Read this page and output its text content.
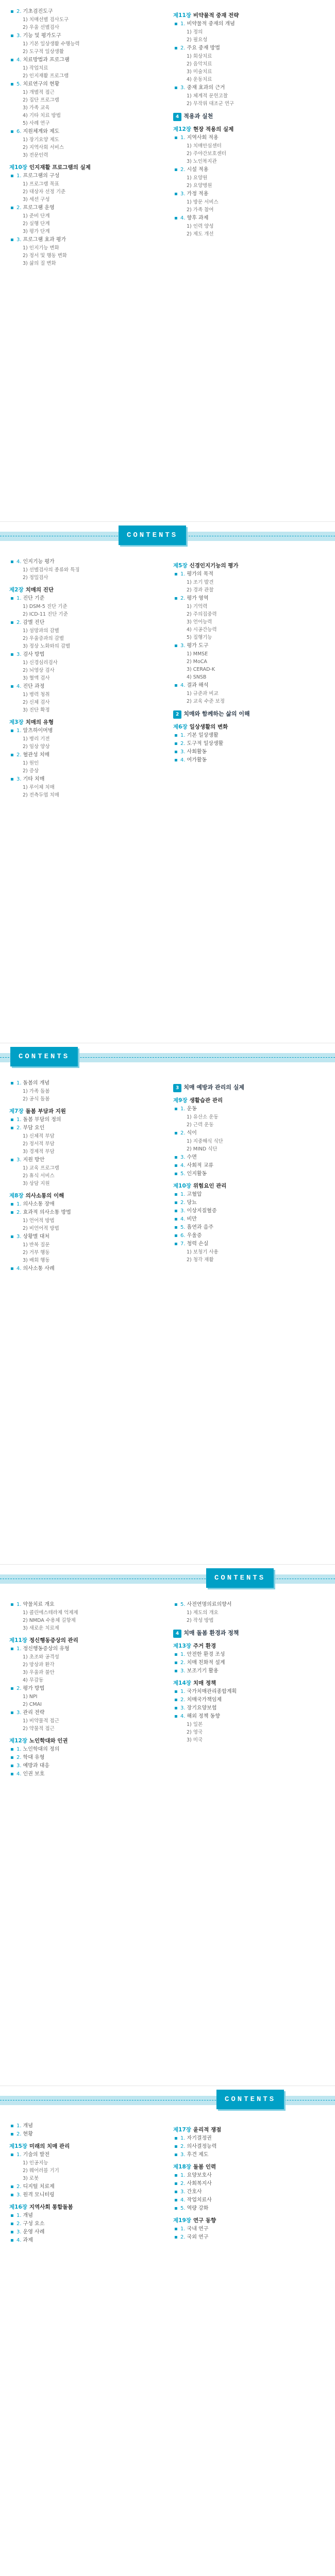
▪ 2. 기초검진도구
1) 치매선별 검사도구
2) 우울 선별검사
▪ 3. 기능 및 평가도구
1) 기본 일상생활 수행능력
2) 도구적 일상생활
▪ 4. 치료방법과 프로그램
1) 작업치료
2) 인지재활 프로그램
▪ 5. 치료연구의 현황
1) 개별적 접근
2) 집단 프로그램
3) 가족 교육
4) 기타 치료 방법
5) 사례 연구
▪ 6. 지원체계와 제도
1) 장기요양 제도
2) 지역사회 서비스
3) 전문인력
제10장 인지재활 프로그램의 실제
▪ 1. 프로그램의 구성
1) 프로그램 목표
2) 대상자 선정 기준
3) 세션 구성
▪ 2. 프로그램 운영
1) 준비 단계
2) 실행 단계
3) 평가 단계
▪ 3. 프로그램 효과 평가
1) 인지기능 변화
2) 정서 및 행동 변화
3) 삶의 질 변화
제11장 비약물적 중재 전략
▪ 1. 비약물적 중재의 개념
1) 정의
2) 필요성
▪ 2. 주요 중재 방법
1) 회상치료
2) 음악치료
3) 미술치료
4) 운동치료
▪ 3. 중재 효과의 근거
1) 체계적 문헌고찰
2) 무작위 대조군 연구
4 적용과 실천
제12장 현장 적용의 실제
▪ 1. 지역사회 적용
1) 치매안심센터
2) 주야간보호센터
3) 노인복지관
▪ 2. 시설 적용
1) 요양원
2) 요양병원
▪ 3. 가정 적용
1) 방문 서비스
2) 가족 참여
▪ 4. 향후 과제
1) 인력 양성
2) 제도 개선
CONTENTS
▪ 4. 인지기능 평가
1) 선별검사의 종류와 특징
2) 정밀검사
제2장 치매의 진단
▪ 1. 진단 기준
1) DSM-5 진단 기준
2) ICD-11 진단 기준
▪ 2. 감별 진단
1) 섬망과의 감별
2) 우울증과의 감별
3) 정상 노화와의 감별
▪ 3. 검사 방법
1) 신경심리검사
2) 뇌영상 검사
3) 혈액 검사
▪ 4. 진단 과정
1) 병력 청취
2) 신체 검사
3) 진단 확정
제3장 치매의 유형
▪ 1. 알츠하이머병
1) 병리 기전
2) 임상 양상
▪ 2. 혈관성 치매
1) 원인
2) 증상
▪ 3. 기타 치매
1) 루이체 치매
2) 전측두엽 치매
제5장 신경인지기능의 평가
▪ 1. 평가의 목적
1) 조기 발견
2) 경과 관찰
▪ 2. 평가 영역
1) 기억력
2) 주의집중력
3) 언어능력
4) 시공간능력
5) 집행기능
▪ 3. 평가 도구
1) MMSE
2) MoCA
3) CERAD-K
4) SNSB
▪ 4. 결과 해석
1) 규준과 비교
2) 교육 수준 보정
2 치매와 함께하는 삶의 이해
제6장 일상생활의 변화
▪ 1. 기본 일상생활
▪ 2. 도구적 일상생활
▪ 3. 사회활동
▪ 4. 여가활동
CONTENTS
▪ 1. 돌봄의 개념
1) 가족 돌봄
2) 공식 돌봄
제7장 돌봄 부담과 지원
▪ 1. 돌봄 부담의 정의
▪ 2. 부담 요인
1) 신체적 부담
2) 정서적 부담
3) 경제적 부담
▪ 3. 지원 방안
1) 교육 프로그램
2) 휴식 서비스
3) 상담 지원
제8장 의사소통의 이해
▪ 1. 의사소통 장애
▪ 2. 효과적 의사소통 방법
1) 언어적 방법
2) 비언어적 방법
▪ 3. 상황별 대처
1) 반복 질문
2) 거부 행동
3) 배회 행동
▪ 4. 의사소통 사례
3 치매 예방과 관리의 실제
제9장 생활습관 관리
▪ 1. 운동
1) 유산소 운동
2) 근력 운동
▪ 2. 식이
1) 지중해식 식단
2) MIND 식단
▪ 3. 수면
▪ 4. 사회적 교류
▪ 5. 인지활동
제10장 위험요인 관리
▪ 1. 고혈압
▪ 2. 당뇨
▪ 3. 이상지질혈증
▪ 4. 비만
▪ 5. 흡연과 음주
▪ 6. 우울증
▪ 7. 청력 손실
1) 보청기 사용
2) 청각 재활
CONTENTS
▪ 1. 약물치료 개요
1) 콜린에스테라제 억제제
2) NMDA 수용체 길항제
3) 새로운 치료제
제11장 정신행동증상의 관리
▪ 1. 정신행동증상의 유형
1) 초조와 공격성
2) 망상과 환각
3) 우울과 불안
4) 무감동
▪ 2. 평가 방법
1) NPI
2) CMAI
▪ 3. 관리 전략
1) 비약물적 접근
2) 약물적 접근
제12장 노인학대와 인권
▪ 1. 노인학대의 정의
▪ 2. 학대 유형
▪ 3. 예방과 대응
▪ 4. 인권 보호
▪ 5. 사전연명의료의향서
1) 제도의 개요
2) 작성 방법
4 치매 돌봄 환경과 정책
제13장 주거 환경
▪ 1. 안전한 환경 조성
▪ 2. 치매 친화적 설계
▪ 3. 보조기기 활용
제14장 치매 정책
▪ 1. 국가치매관리종합계획
▪ 2. 치매국가책임제
▪ 3. 장기요양보험
▪ 4. 해외 정책 동향
1) 일본
2) 영국
3) 미국
CONTENTS
▪ 1. 개념
▪ 2. 현황
제15장 미래의 치매 관리
▪ 1. 기술의 발전
1) 인공지능
2) 웨어러블 기기
3) 로봇
▪ 2. 디지털 치료제
▪ 3. 원격 모니터링
제16장 지역사회 통합돌봄
▪ 1. 개념
▪ 2. 구성 요소
▪ 3. 운영 사례
▪ 4. 과제
제17장 윤리적 쟁점
▪ 1. 자기결정권
▪ 2. 의사결정능력
▪ 3. 후견 제도
제18장 돌봄 인력
▪ 1. 요양보호사
▪ 2. 사회복지사
▪ 3. 간호사
▪ 4. 작업치료사
▪ 5. 역량 강화
제19장 연구 동향
▪ 1. 국내 연구
▪ 2. 국외 연구
